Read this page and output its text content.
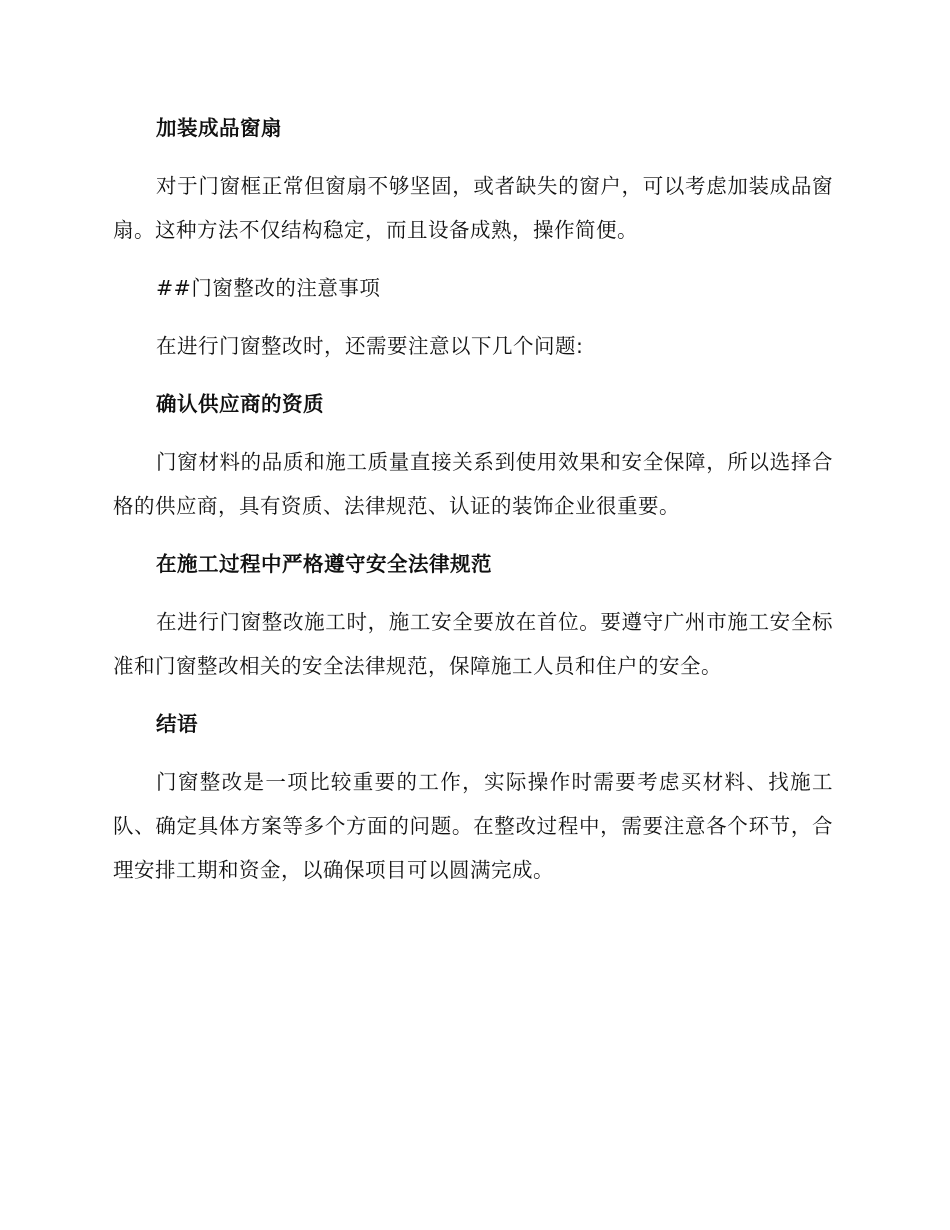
加装成品窗扇

对于门窗框正常但窗扇不够坚固，或者缺失的窗户，可以考虑加装成品窗扇。这种方法不仅结构稳定，而且设备成熟，操作简便。

##门窗整改的注意事项

在进行门窗整改时，还需要注意以下几个问题:

确认供应商的资质

门窗材料的品质和施工质量直接关系到使用效果和安全保障，所以选择合格的供应商，具有资质、法律规范、认证的装饰企业很重要。

在施工过程中严格遵守安全法律规范

在进行门窗整改施工时，施工安全要放在首位。要遵守广州市施工安全标准和门窗整改相关的安全法律规范，保障施工人员和住户的安全。

结语

门窗整改是一项比较重要的工作，实际操作时需要考虑买材料、找施工队、确定具体方案等多个方面的问题。在整改过程中，需要注意各个环节，合理安排工期和资金，以确保项目可以圆满完成。
